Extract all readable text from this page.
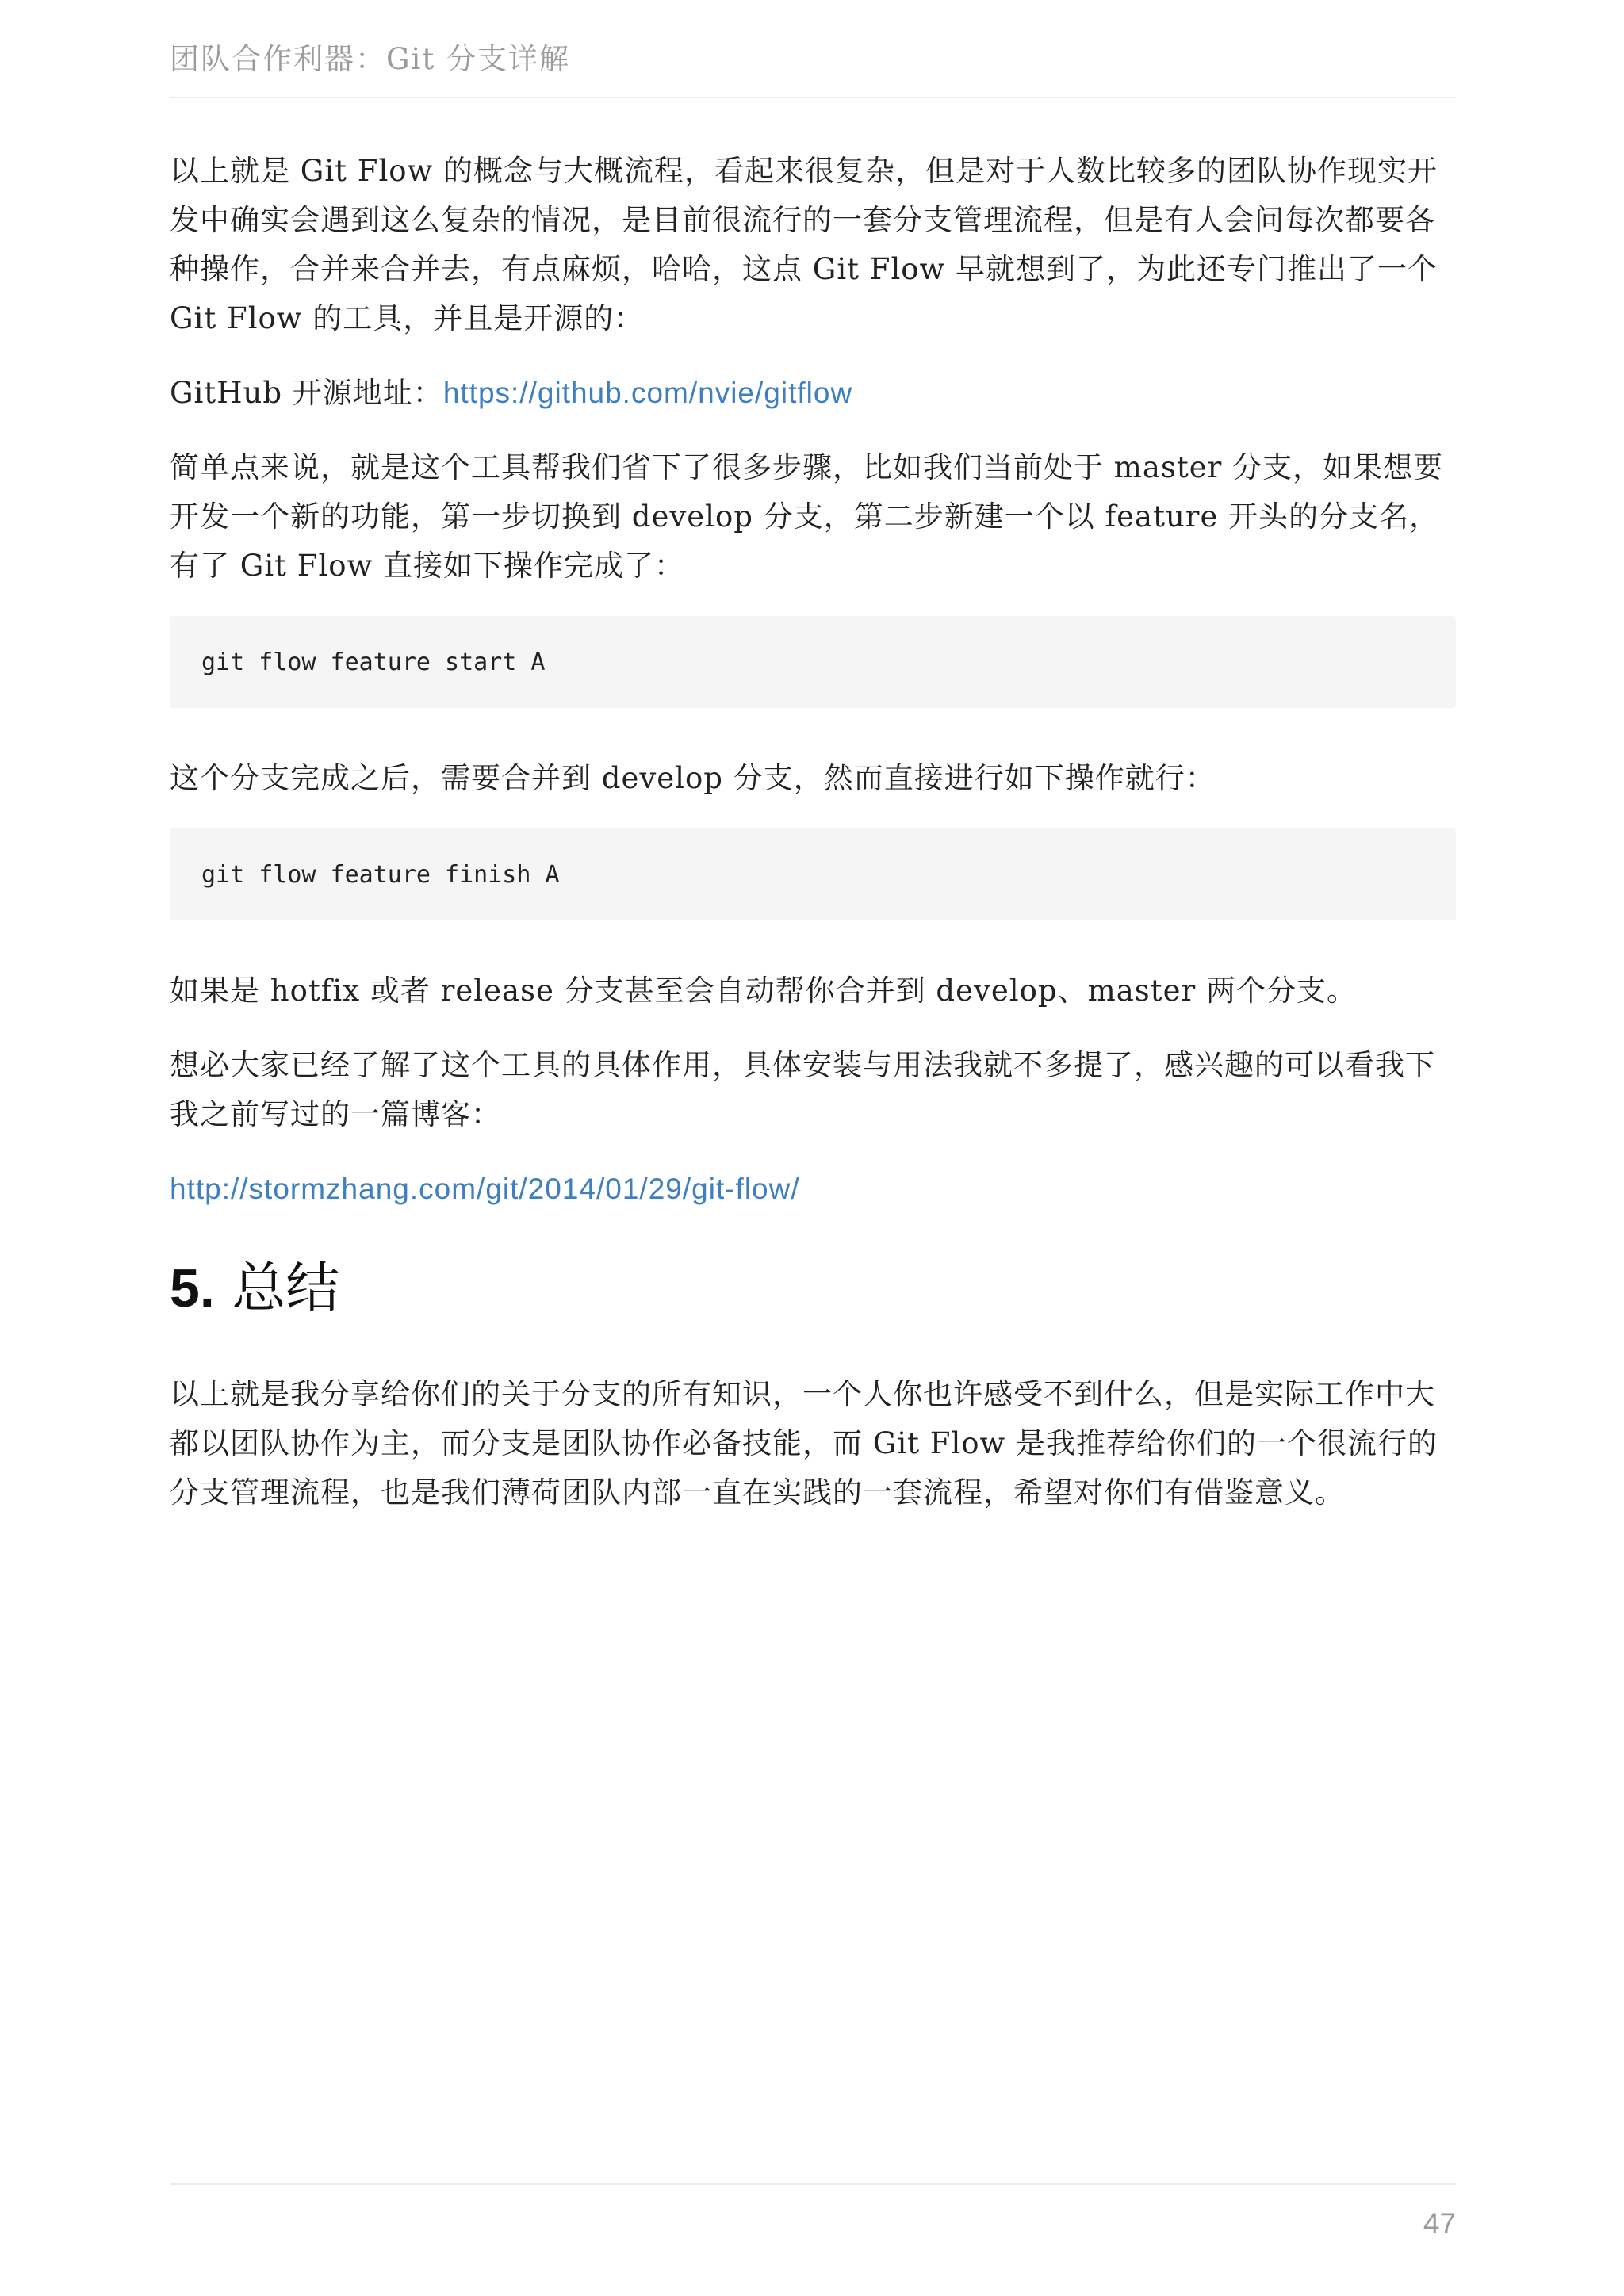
团队合作利器：Git 分支详解

以上就是 Git Flow 的概念与大概流程，看起来很复杂，但是对于人数比较多的团队协作现实开发中确实会遇到这么复杂的情况，是目前很流行的一套分支管理流程，但是有人会问每次都要各种操作，合并来合并去，有点麻烦，哈哈，这点 Git Flow 早就想到了，为此还专门推出了一个 Git Flow 的工具，并且是开源的：

GitHub 开源地址：https://github.com/nvie/gitflow

简单点来说，就是这个工具帮我们省下了很多步骤，比如我们当前处于 master 分支，如果想要开发一个新的功能，第一步切换到 develop 分支，第二步新建一个以 feature 开头的分支名，有了 Git Flow 直接如下操作完成了：

git flow feature start A

这个分支完成之后，需要合并到 develop 分支，然而直接进行如下操作就行：

git flow feature finish A

如果是 hotfix 或者 release 分支甚至会自动帮你合并到 develop、master 两个分支。

想必大家已经了解了这个工具的具体作用，具体安装与用法我就不多提了，感兴趣的可以看我下我之前写过的一篇博客：

http://stormzhang.com/git/2014/01/29/git-flow/

5. 总结

以上就是我分享给你们的关于分支的所有知识，一个人你也许感受不到什么，但是实际工作中大都以团队协作为主，而分支是团队协作必备技能，而 Git Flow 是我推荐给你们的一个很流行的分支管理流程，也是我们薄荷团队内部一直在实践的一套流程，希望对你们有借鉴意义。

47
